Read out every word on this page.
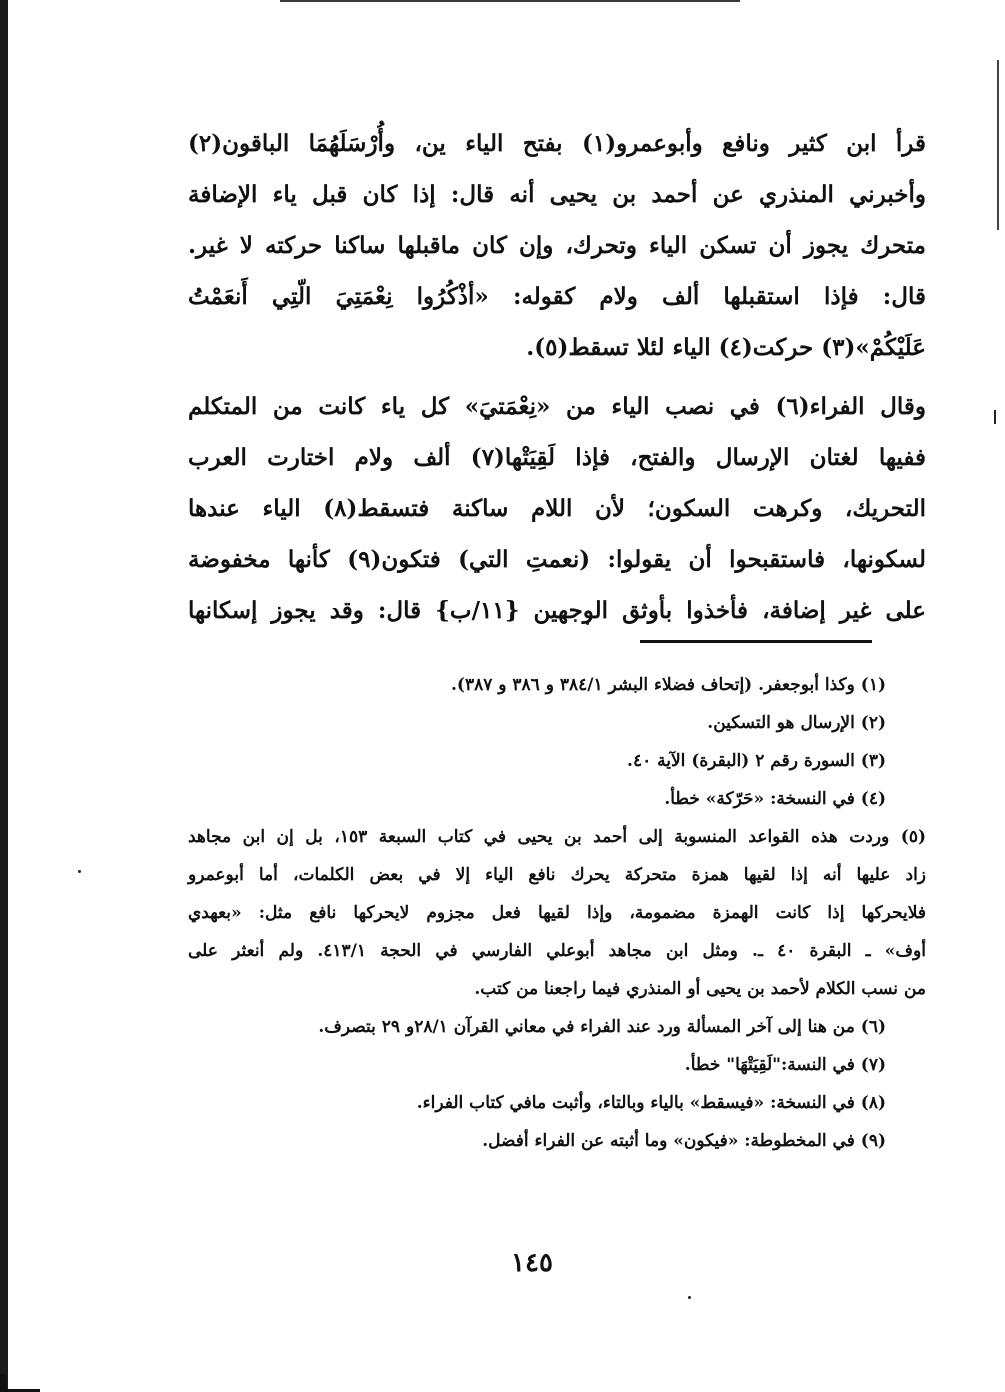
قرأ ابن كثير ونافع وأبوعمرو(١) بفتح الياء ين، وأُرْسَلَهُمَا الباقون(٢)
وأخبرني المنذري عن أحمد بن يحيى أنه قال: إذا كان قبل ياء الإضافة
متحرك يجوز أن تسكن الياء وتحرك، وإن كان ماقبلها ساكنا حركته لا غير.
قال: فإذا استقبلها ألف ولام كقوله: «أذْكُرُوا نِعْمَتِيَ الّتِي أَنعَمْتُ
عَلَيْكُمْ»(٣) حركت(٤) الياء لئلا تسقط(٥).
وقال الفراء(٦) في نصب الياء من «نِعْمَتيَ» كل ياء كانت من المتكلم
ففيها لغتان الإرسال والفتح، فإذا لَقِيَتْها(٧) ألف ولام اختارت العرب
التحريك، وكرهت السكون؛ لأن اللام ساكنة فتسقط(٨) الياء عندها
لسكونها، فاستقبحوا أن يقولوا: (نعمتِ التي) فتكون(٩) كأنها مخفوضة
على غير إضافة، فأخذوا بأوثق الوجهين {١١/ب} قال: وقد يجوز إسكانها
(١) وكذا أبوجعفر. (إتحاف فضلاء البشر ٣٨٤/١ و ٣٨٦ و ٣٨٧).
(٢) الإرسال هو التسكين.
(٣) السورة رقم ٢ (البقرة) الآية ٤٠.
(٤) في النسخة: «حَرّكة» خطأ.
(٥) وردت هذه القواعد المنسوبة إلى أحمد بن يحيى في كتاب السبعة ١٥٣، بل إن ابن مجاهد
زاد عليها أنه إذا لقيها همزة متحركة يحرك نافع الياء إلا في بعض الكلمات، أما أبوعمرو
فلايحركها إذا كانت الهمزة مضمومة، وإذا لقيها فعل مجزوم لايحركها نافع مثل: «بعهدي
أوف» ـ البقرة ٤٠ ـ. ومثل ابن مجاهد أبوعلي الفارسي في الحجة ٤١٣/١. ولم أنعثر على
من نسب الكلام لأحمد بن يحيى أو المنذري فيما راجعنا من كتب.
(٦) من هنا إلى آخر المسألة ورد عند الفراء في معاني القرآن ٢٨/١و ٢٩ بتصرف.
(٧) في النسة:"لَقِيَتْهَا" خطأ.
(٨) في النسخة: «فيسقط» بالياء وبالتاء، وأثبت مافي كتاب الفراء.
(٩) في المخطوطة: «فيكون» وما أثبته عن الفراء أفضل.
١٤٥
